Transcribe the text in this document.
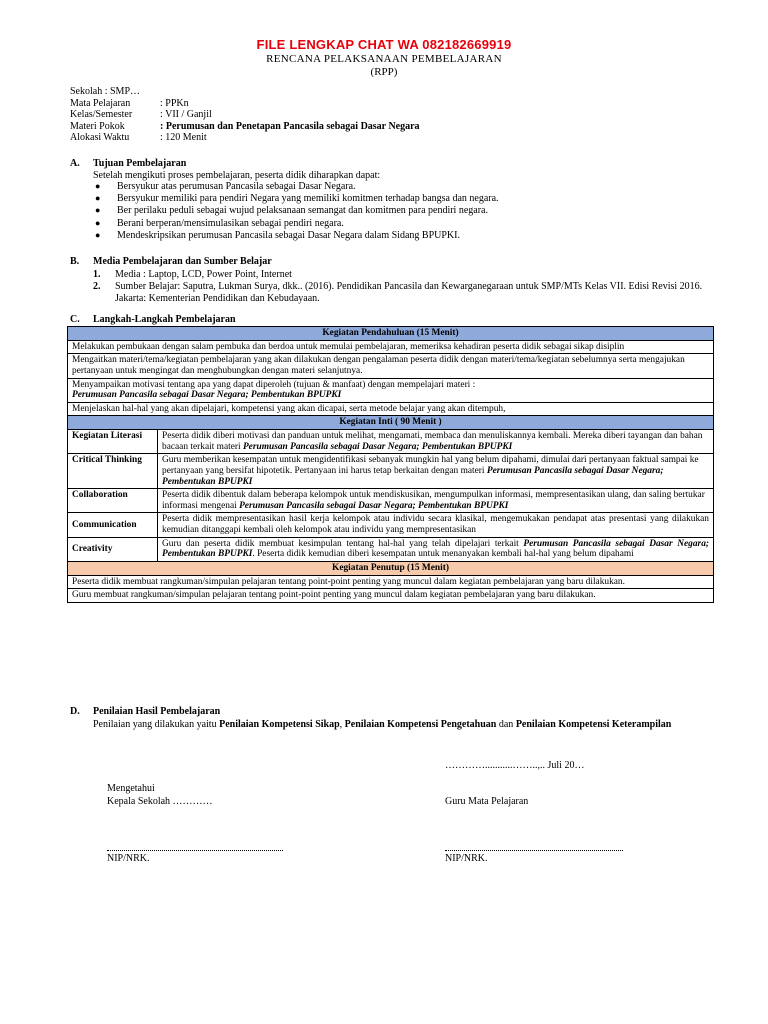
FILE LENGKAP CHAT WA 082182669919
RENCANA PELAKSANAAN PEMBELAJARAN
(RPP)
Sekolah : SMP…
Mata Pelajaran	: PPKn
Kelas/Semester	: VII / Ganjil
Materi Pokok	: Perumusan dan Penetapan Pancasila sebagai Dasar Negara
Alokasi Waktu	: 120 Menit
A.	Tujuan Pembelajaran
Setelah mengikuti proses pembelajaran, peserta didik diharapkan dapat:
●	Bersyukur atas perumusan Pancasila sebagai Dasar Negara.
●	Bersyukur memiliki para pendiri Negara yang memiliki komitmen terhadap bangsa dan negara.
●	Ber perilaku peduli sebagai wujud pelaksanaan semangat dan komitmen para pendiri negara.
●	Berani berperan/mensimulasikan sebagai pendiri negara.
●	Mendeskripsikan perumusan Pancasila sebagai Dasar Negara dalam Sidang BPUPKI.
B.	Media Pembelajaran dan Sumber Belajar
1.	Media : Laptop, LCD, Power Point, Internet
2.	Sumber Belajar: Saputra, Lukman Surya, dkk.. (2016). Pendidikan Pancasila dan Kewarganegaraan untuk SMP/MTs Kelas VII. Edisi Revisi 2016. Jakarta: Kementerian Pendidikan dan Kebudayaan.
C.	Langkah-Langkah Pembelajaran
Kegiatan Pendahuluan (15 Menit)	
Melakukan pembukaan dengan salam pembuka dan berdoa untuk memulai pembelajaran, memeriksa kehadiran peserta didik sebagai sikap disiplin	
Mengaitkan materi/tema/kegiatan pembelajaran yang akan dilakukan dengan pengalaman peserta didik dengan materi/tema/kegiatan sebelumnya serta mengajukan pertanyaan untuk mengingat dan menghubungkan dengan materi selanjutnya.	
Menyampaikan motivasi tentang apa yang dapat diperoleh (tujuan & manfaat) dengan mempelajari materi :
Perumusan Pancasila sebagai Dasar Negara; Pembentukan BPUPKI	
Menjelaskan hal-hal yang akan dipelajari, kompetensi yang akan dicapai, serta metode belajar yang akan ditempuh,	
Kegiatan Inti ( 90 Menit )	
Kegiatan Literasi	Peserta didik diberi motivasi dan panduan untuk melihat, mengamati, membaca dan menuliskannya kembali. Mereka diberi tayangan dan bahan bacaan terkait materi Perumusan Pancasila sebagai Dasar Negara; Pembentukan BPUPKI
Critical Thinking	Guru memberikan kesempatan untuk mengidentifikasi sebanyak mungkin hal yang belum dipahami, dimulai dari pertanyaan faktual sampai ke pertanyaan yang bersifat hipotetik. Pertanyaan ini harus tetap berkaitan dengan materi Perumusan Pancasila sebagai Dasar Negara; Pembentukan BPUPKI
Collaboration	Peserta didik dibentuk dalam beberapa kelompok untuk mendiskusikan, mengumpulkan informasi, mempresentasikan ulang, dan saling bertukar informasi mengenai Perumusan Pancasila sebagai Dasar Negara; Pembentukan BPUPKI
Communication	Peserta didik mempresentasikan hasil kerja kelompok atau individu secara klasikal, mengemukakan pendapat atas presentasi yang dilakukan kemudian ditanggapi kembali oleh kelompok atau individu yang mempresentasikan
Creativity	Guru dan peserta didik membuat kesimpulan tentang hal-hal yang telah dipelajari terkait Perumusan Pancasila sebagai Dasar Negara; Pembentukan BPUPKI. Peserta didik kemudian diberi kesempatan untuk menanyakan kembali hal-hal yang belum dipahami
Kegiatan Penutup (15 Menit)	
Peserta didik membuat rangkuman/simpulan pelajaran tentang point-point penting yang muncul dalam kegiatan pembelajaran yang baru dilakukan.	
Guru membuat rangkuman/simpulan pelajaran tentang point-point penting yang muncul dalam kegiatan pembelajaran yang baru dilakukan.	
D.	Penilaian Hasil Pembelajaran
Penilaian yang dilakukan yaitu Penilaian Kompetensi Sikap, Penilaian Kompetensi Pengetahuan dan Penilaian Kompetensi Keterampilan
…………...........……..,.. Juli 20…
Mengetahui
Kepala Sekolah …………	Guru Mata Pelajaran
NIP/NRK.	NIP/NRK.
